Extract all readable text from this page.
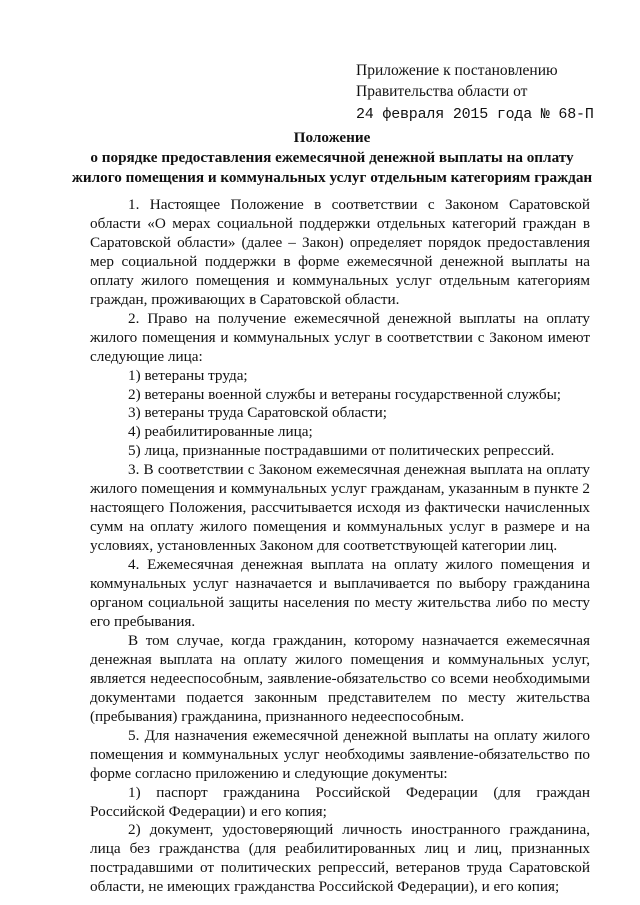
Приложение к постановлению
Правительства области от
24 февраля 2015 года № 68-П
Положение
о порядке предоставления ежемесячной денежной выплаты на оплату
жилого помещения и коммунальных услуг отдельным категориям граждан

1. Настоящее Положение в соответствии с Законом Саратовской области «О мерах социальной поддержки отдельных категорий граждан в Саратовской области» (далее – Закон) определяет порядок предоставления мер социальной поддержки в форме ежемесячной денежной выплаты на оплату жилого помещения и коммунальных услуг отдельным категориям граждан, проживающих в Саратовской области.

2. Право на получение ежемесячной денежной выплаты на оплату жилого помещения и коммунальных услуг в соответствии с Законом имеют следующие лица:

1) ветераны труда;

2) ветераны военной службы и ветераны государственной службы;

3) ветераны труда Саратовской области;

4) реабилитированные лица;

5) лица, признанные пострадавшими от политических репрессий.

3. В соответствии с Законом ежемесячная денежная выплата на оплату жилого помещения и коммунальных услуг гражданам, указанным в пункте 2 настоящего Положения, рассчитывается исходя из фактически начисленных сумм на оплату жилого помещения и коммунальных услуг в размере и на условиях, установленных Законом для соответствующей категории лиц.

4. Ежемесячная денежная выплата на оплату жилого помещения и коммунальных услуг назначается и выплачивается по выбору гражданина органом социальной защиты населения по месту жительства либо по месту его пребывания.

В том случае, когда гражданин, которому назначается ежемесячная денежная выплата на оплату жилого помещения и коммунальных услуг, является недееспособным, заявление-обязательство со всеми необходимыми документами подается законным представителем по месту жительства (пребывания) гражданина, признанного недееспособным.

5. Для назначения ежемесячной денежной выплаты на оплату жилого помещения и коммунальных услуг необходимы заявление-обязательство по форме согласно приложению и следующие документы:

1) паспорт гражданина Российской Федерации (для граждан Российской Федерации) и его копия;

2) документ, удостоверяющий личность иностранного гражданина, лица без гражданства (для реабилитированных лиц и лиц, признанных пострадавшими от политических репрессий, ветеранов труда Саратовской области, не имеющих гражданства Российской Федерации), и его копия;
